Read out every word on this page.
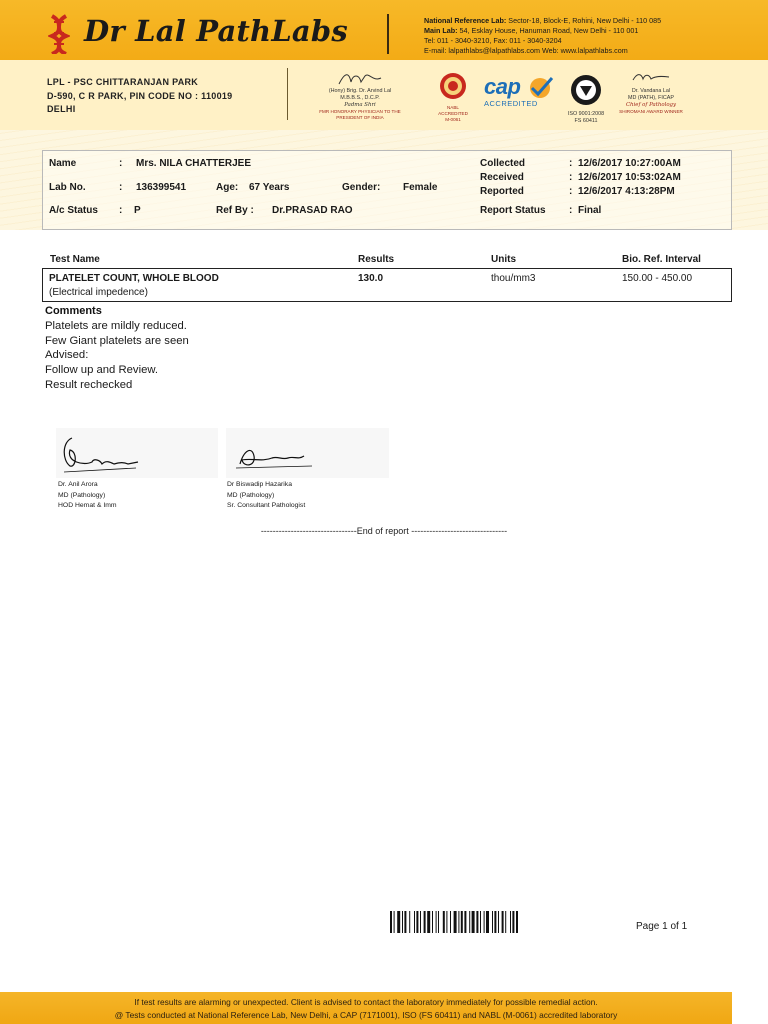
Dr Lal PathLabs	National Reference Lab: Sector-18, Block-E, Rohini, New Delhi - 110 085
Main Lab: 54, Esklay House, Hanuman Road, New Delhi - 110 001
Tel: 011 - 3040-3210, Fax: 011 - 3040-3204
E-mail: lalpathlabs@lalpathlabs.com Web: www.lalpathlabs.com
LPL - PSC CHITTARANJAN PARK
D-590, C R PARK, PIN CODE NO : 110019
DELHI
(Hony) Brig. Dr. Arvind Lal
M.B.B.S., D.C.P.
Padma Shri
FMR HONORARY PHYSICIAN TO THE PRESIDENT OF INDIA
NABL ACCREDITED
M-0061
cap
ACCREDITED
ISO 9001:2008
FS 60411
Dr. Vandana Lal
MD (PATH), FICAP
Chief of Pathology
SHIROMANI AWARD WINNER
Name	: Mrs. NILA CHATTERJEE
Lab No.	: 136399541	Age: 67 Years	Gender: Female
A/c Status : P	Ref By : Dr.PRASAD RAO
Collected	: 12/6/2017 10:27:00AM
Received	: 12/6/2017 10:53:02AM
Reported	: 12/6/2017 4:13:28PM
Report Status : Final
Test Name	Results	Units	Bio. Ref. Interval
PLATELET COUNT, WHOLE BLOOD
(Electrical impedence)
130.0	thou/mm3	150.00 - 450.00
Comments
Platelets are mildly reduced.
Few Giant platelets are seen
Advised:
Follow up and Review.
Result rechecked
Dr. Anil Arora
MD (Pathology)
HOD Hemat & Imm
Dr Biswadip Hazarika
MD (Pathology)
Sr. Consultant Pathologist
--------------------------------End of report --------------------------------
Page 1 of 1
If test results are alarming or unexpected. Client is advised to contact the laboratory immediately for possible remedial action.
@ Tests conducted at National Reference Lab, New Delhi, a CAP (7171001), ISO (FS 60411) and NABL (M-0061) accredited laboratory
